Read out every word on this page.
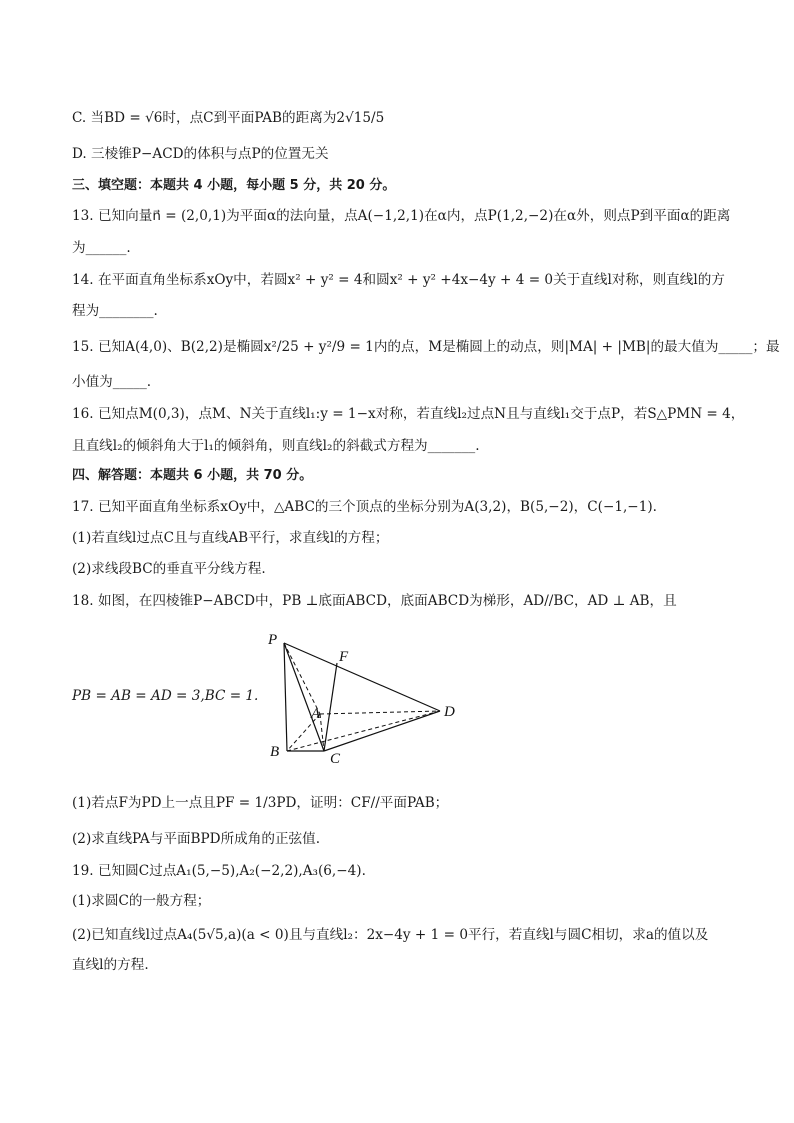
C. 当BD = √6时，点C到平面PAB的距离为2√15/5
D. 三棱锥P−ACD的体积与点P的位置无关
三、填空题：本题共 4 小题，每小题 5 分，共 20 分。
13. 已知向量n⃗ = (2,0,1)为平面α的法向量，点A(−1,2,1)在α内，点P(1,2,−2)在α外，则点P到平面α的距离
为______.
14. 在平面直角坐标系xOy中，若圆x² + y² = 4和圆x² + y² +4x−4y + 4 = 0关于直线l对称，则直线l的方
程为________.
15. 已知A(4,0)、B(2,2)是椭圆x²/25 + y²/9 = 1内的点，M是椭圆上的动点，则|MA| + |MB|的最大值为_____；最
小值为_____.
16. 已知点M(0,3)，点M、N关于直线l₁:y = 1−x对称，若直线l₂过点N且与直线l₁交于点P，若S△PMN = 4，
且直线l₂的倾斜角大于l₁的倾斜角，则直线l₂的斜截式方程为_______.
四、解答题：本题共 6 小题，共 70 分。
17. 已知平面直角坐标系xOy中，△ABC的三个顶点的坐标分别为A(3,2)，B(5,−2)，C(−1,−1).
(1)若直线l过点C且与直线AB平行，求直线l的方程；
(2)求线段BC的垂直平分线方程.
18. 如图，在四棱锥P−ABCD中，PB ⊥底面ABCD，底面ABCD为梯形，AD//BC，AD ⊥ AB，且
PB = AB = AD = 3,BC = 1.
P
F
A	D
B	C
(1)若点F为PD上一点且PF = 1/3PD，证明：CF//平面PAB；
(2)求直线PA与平面BPD所成角的正弦值.
19. 已知圆C过点A₁(5,−5),A₂(−2,2),A₃(6,−4).
(1)求圆C的一般方程；
(2)已知直线l过点A₄(5√5,a)(a < 0)且与直线l₂：2x−4y + 1 = 0平行，若直线l与圆C相切，求a的值以及
直线l的方程.
